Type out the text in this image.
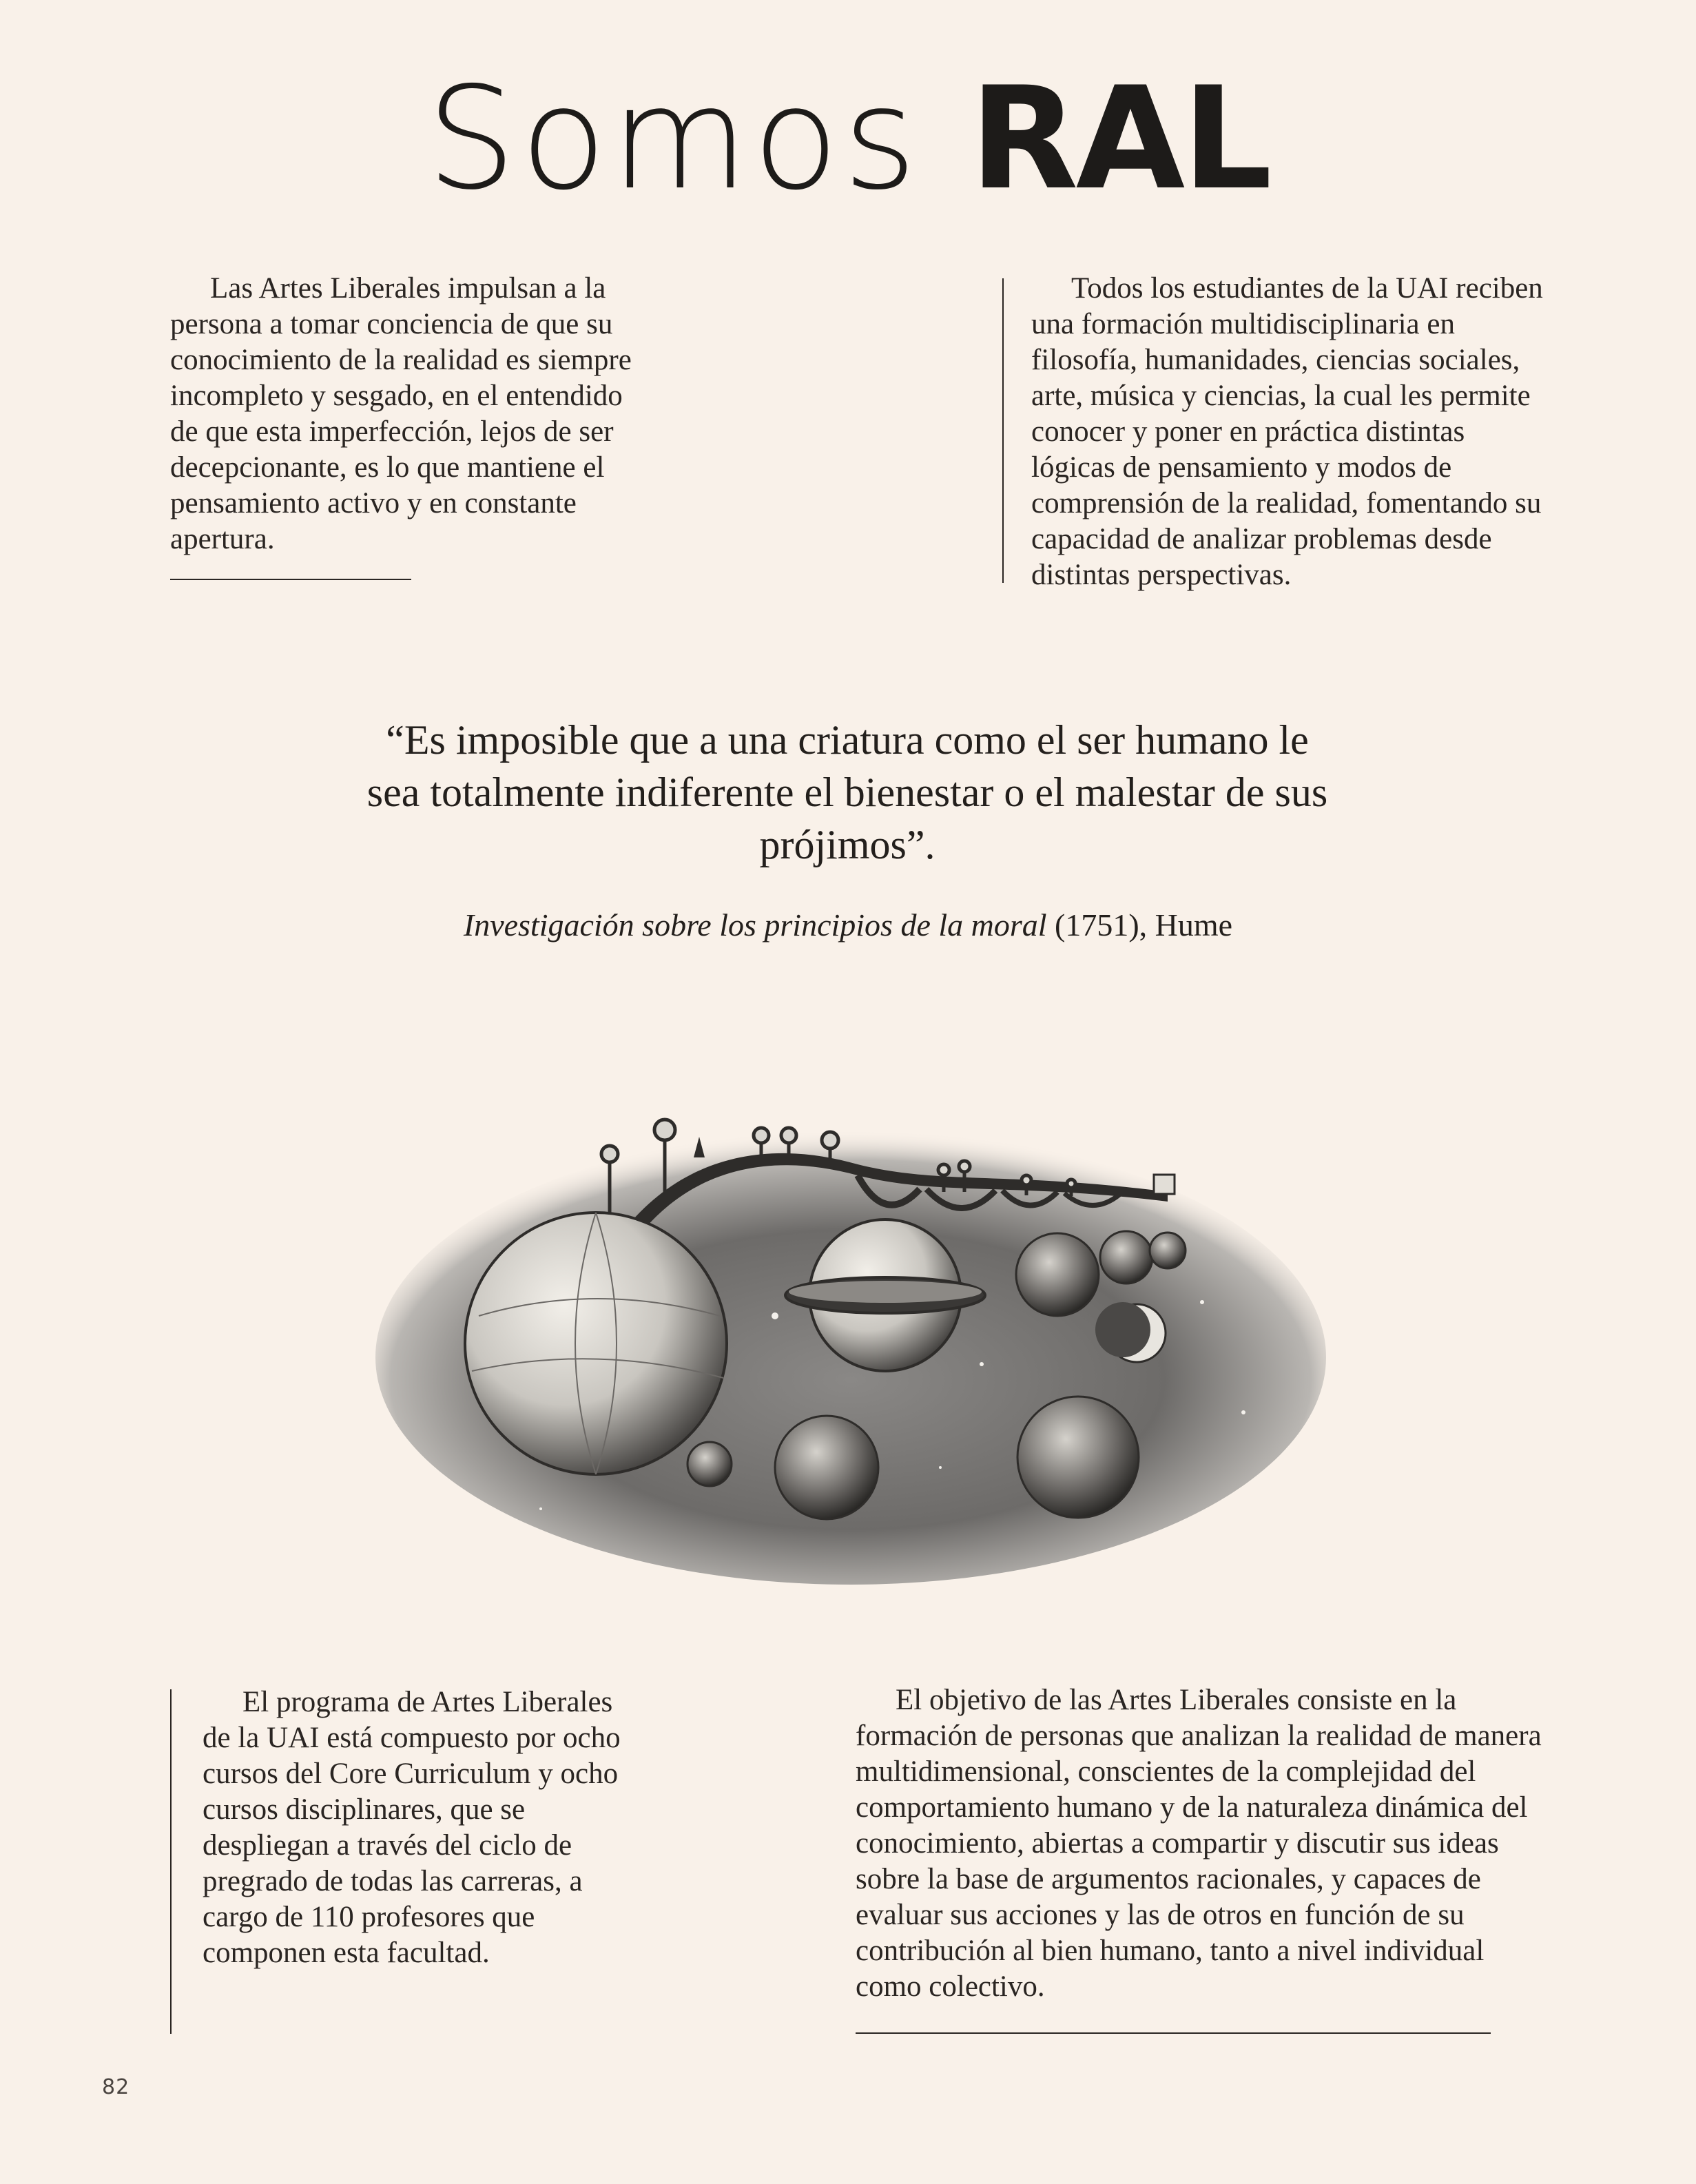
Somos RAL

Las Artes Liberales impulsan a la persona a tomar conciencia de que su conocimiento de la realidad es siempre incompleto y sesgado, en el entendido de que esta imperfección, lejos de ser decepcionante, es lo que mantiene el pensamiento activo y en constante apertura.

Todos los estudiantes de la UAI reciben una formación multidisciplinaria en filosofía, humanidades, ciencias sociales, arte, música y ciencias, la cual les permite conocer y poner en práctica distintas lógicas de pensamiento y modos de comprensión de la realidad, fomentando su capacidad de analizar problemas desde distintas perspectivas.

“Es imposible que a una criatura como el ser humano le sea totalmente indiferente el bienestar o el malestar de sus prójimos”.

Investigación sobre los principios de la moral (1751), Hume

El programa de Artes Liberales de la UAI está compuesto por ocho cursos del Core Curriculum y ocho cursos disciplinares, que se despliegan a través del ciclo de pregrado de todas las carreras, a cargo de 110 profesores que componen esta facultad.

El objetivo de las Artes Liberales consiste en la formación de personas que analizan la realidad de manera multidimensional, conscientes de la complejidad del comportamiento humano y de la naturaleza dinámica del conocimiento, abiertas a compartir y discutir sus ideas sobre la base de argumentos racionales, y capaces de evaluar sus acciones y las de otros en función de su contribución al bien humano, tanto a nivel individual como colectivo.

82
